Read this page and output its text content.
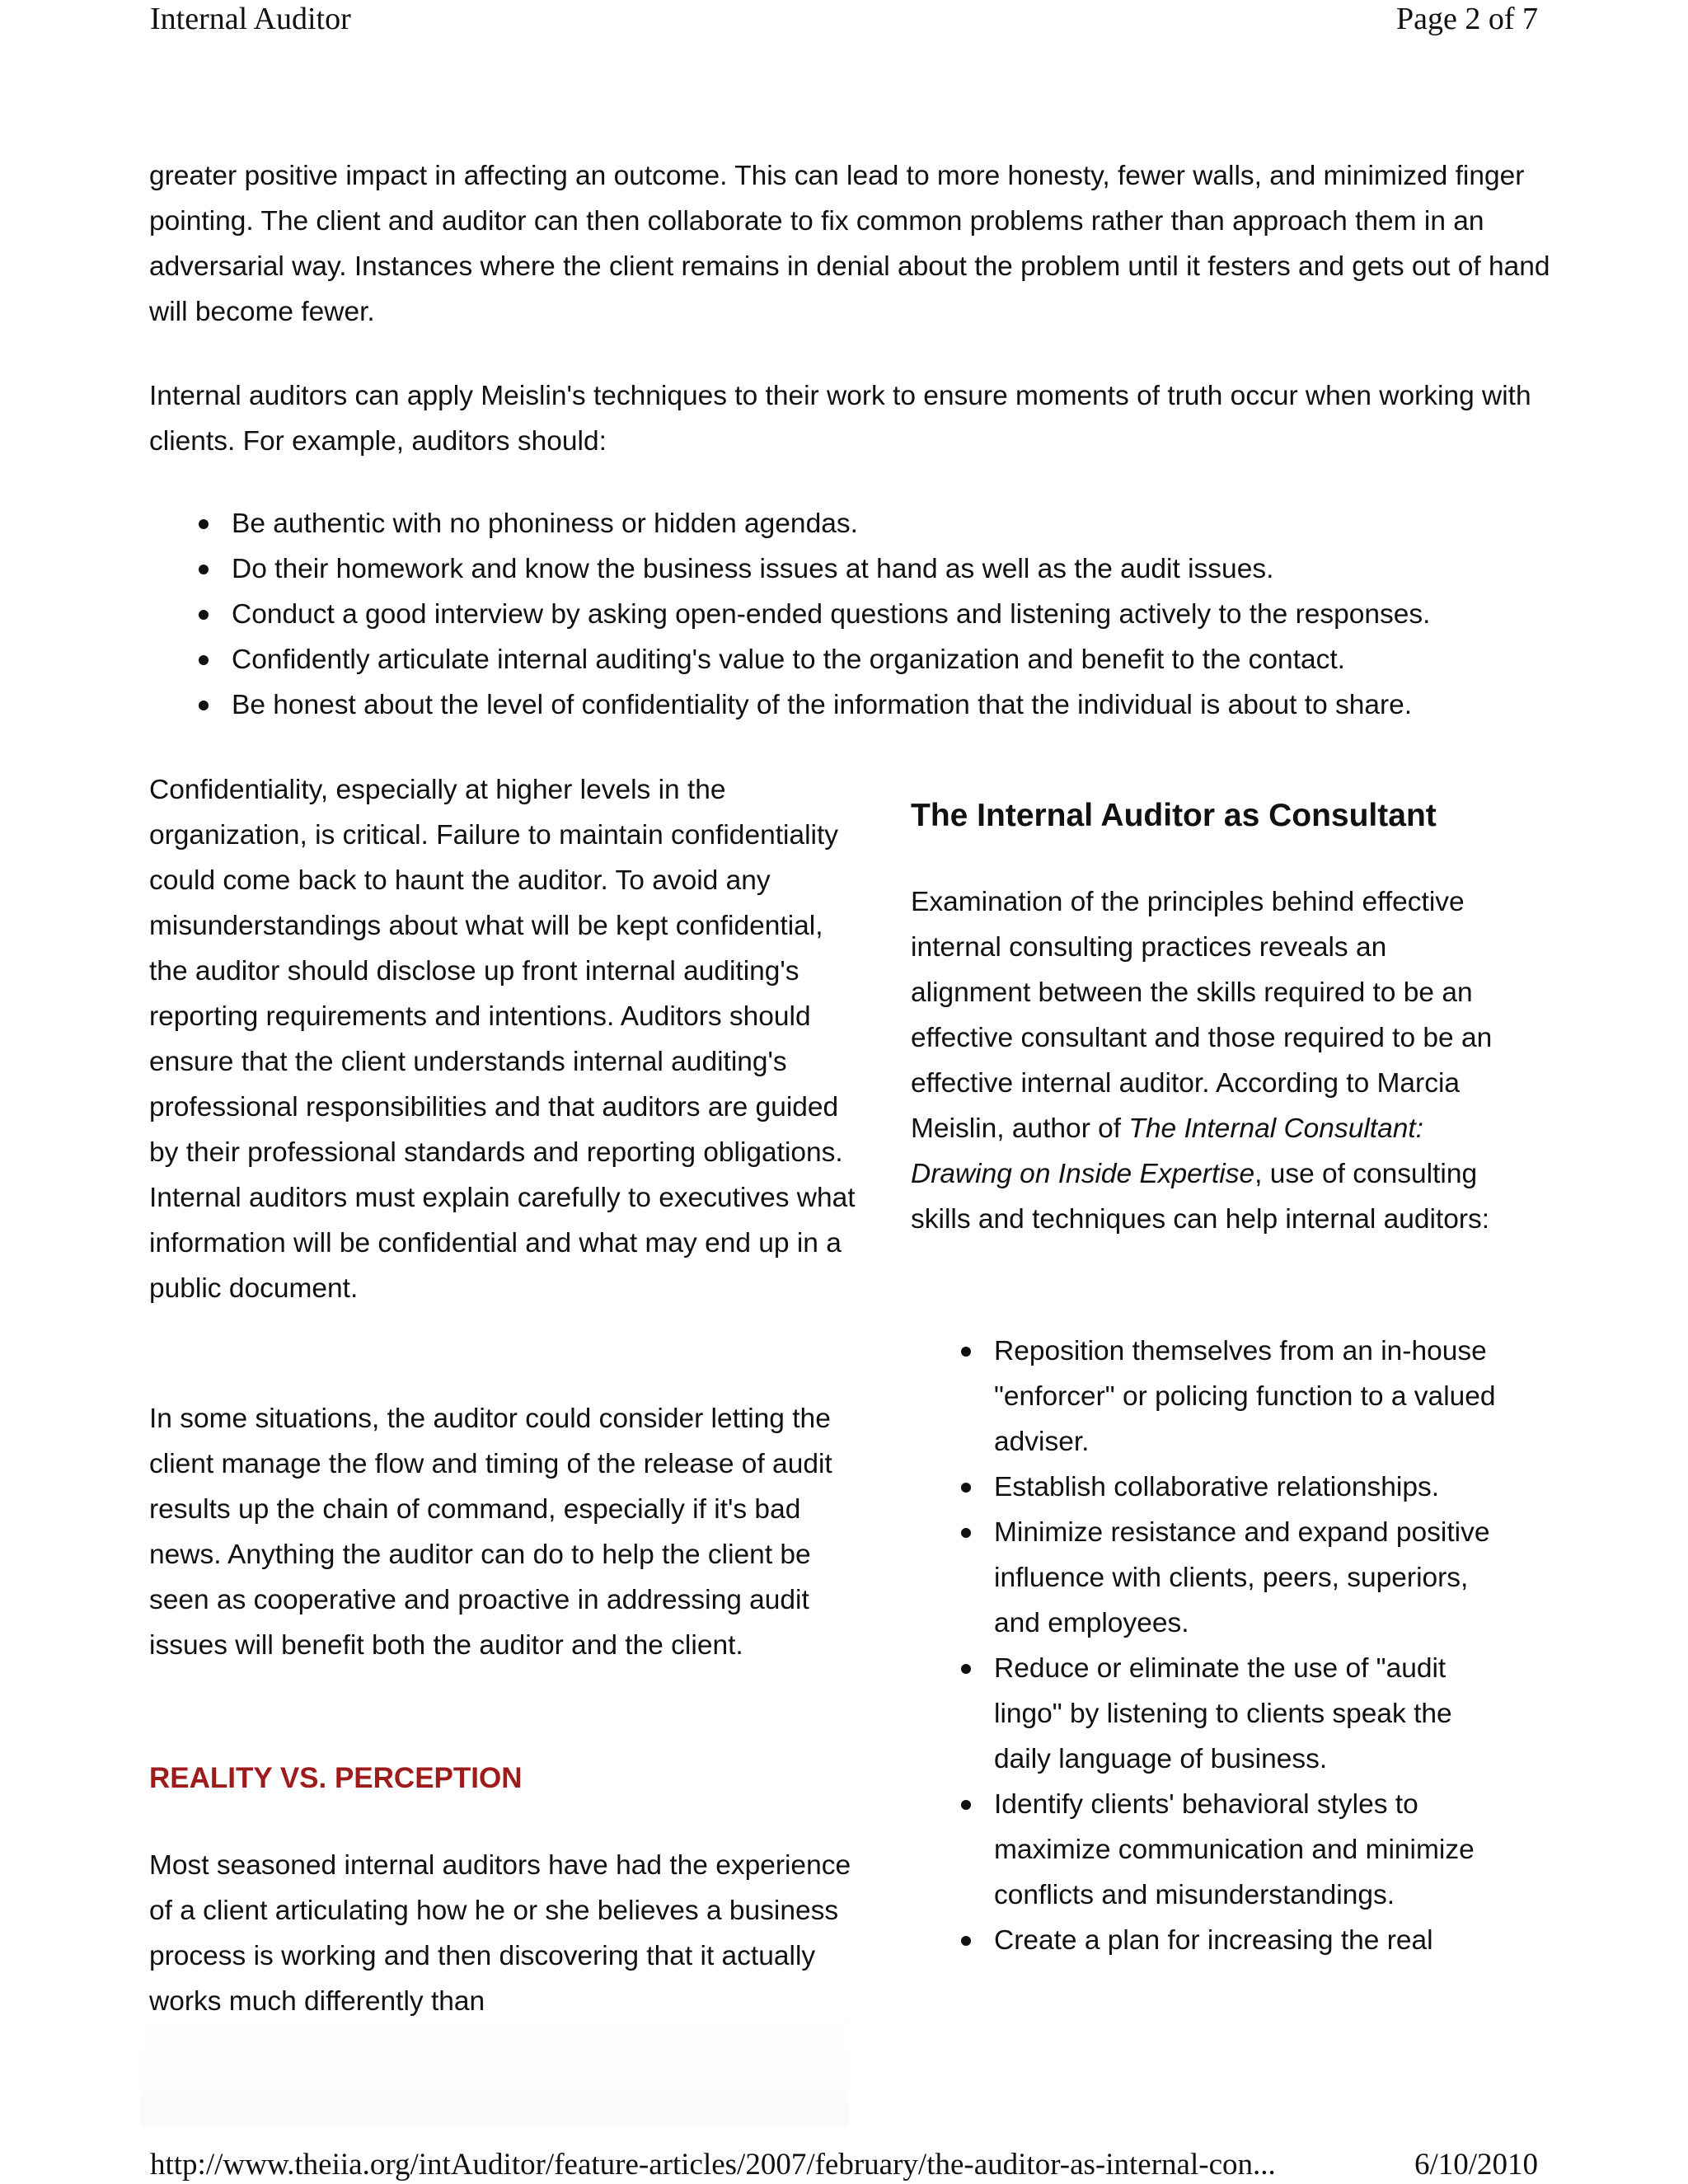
Internal Auditor	Page 2 of 7

greater positive impact in affecting an outcome. This can lead to more honesty, fewer walls, and minimized finger pointing. The client and auditor can then collaborate to fix common problems rather than approach them in an adversarial way. Instances where the client remains in denial about the problem until it festers and gets out of hand will become fewer.

Internal auditors can apply Meislin's techniques to their work to ensure moments of truth occur when working with clients. For example, auditors should:

Be authentic with no phoniness or hidden agendas.
Do their homework and know the business issues at hand as well as the audit issues.
Conduct a good interview by asking open-ended questions and listening actively to the responses.
Confidently articulate internal auditing's value to the organization and benefit to the contact.
Be honest about the level of confidentiality of the information that the individual is about to share.

Confidentiality, especially at higher levels in the organization, is critical. Failure to maintain confidentiality could come back to haunt the auditor. To avoid any misunderstandings about what will be kept confidential, the auditor should disclose up front internal auditing's reporting requirements and intentions. Auditors should ensure that the client understands internal auditing's professional responsibilities and that auditors are guided by their professional standards and reporting obligations. Internal auditors must explain carefully to executives what information will be confidential and what may end up in a public document.

In some situations, the auditor could consider letting the client manage the flow and timing of the release of audit results up the chain of command, especially if it's bad news. Anything the auditor can do to help the client be seen as cooperative and proactive in addressing audit issues will benefit both the auditor and the client.

REALITY VS. PERCEPTION

Most seasoned internal auditors have had the experience of a client articulating how he or she believes a business process is working and then discovering that it actually works much differently than

The Internal Auditor as Consultant

Examination of the principles behind effective internal consulting practices reveals an alignment between the skills required to be an effective consultant and those required to be an effective internal auditor. According to Marcia Meislin, author of The Internal Consultant: Drawing on Inside Expertise, use of consulting skills and techniques can help internal auditors:

Reposition themselves from an in-house "enforcer" or policing function to a valued adviser.
Establish collaborative relationships.
Minimize resistance and expand positive influence with clients, peers, superiors, and employees.
Reduce or eliminate the use of "audit lingo" by listening to clients speak the daily language of business.
Identify clients' behavioral styles to maximize communication and minimize conflicts and misunderstandings.
Create a plan for increasing the real
http://www.theiia.org/intAuditor/feature-articles/2007/february/the-auditor-as-internal-con...	6/10/2010
